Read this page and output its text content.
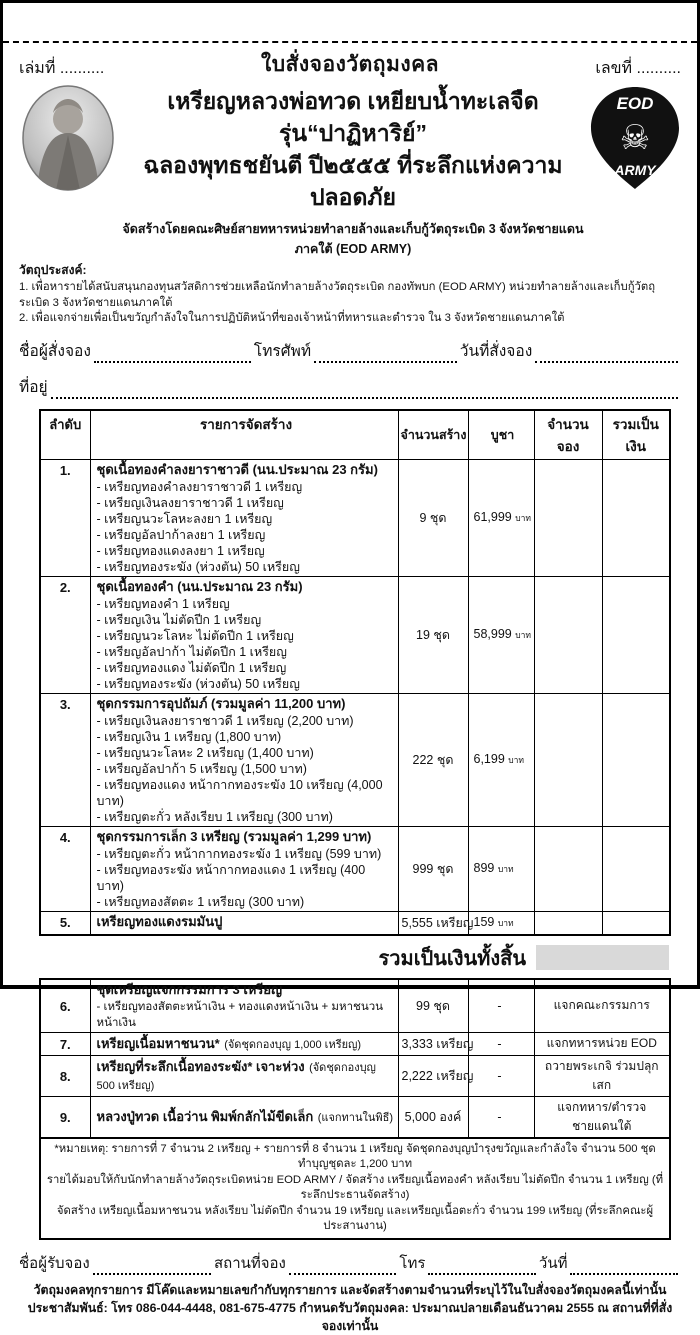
เล่มที่ ..........	ใบสั่งจองวัตถุมงคล	เลขที่ ..........
เหรียญหลวงพ่อทวด เหยียบน้ำทะเลจืด รุ่น“ปาฏิหาริย์”
ฉลองพุทธชยันตี ปี๒๕๕๕ ที่ระลึกแห่งความปลอดภัย
จัดสร้างโดยคณะศิษย์สายทหารหน่วยทำลายล้างและเก็บกู้วัตถุระเบิด 3 จังหวัดชายแดนภาคใต้ (EOD ARMY)
EOD
☠
ARMY
วัตถุประสงค์:
1. เพื่อหารายได้สนับสนุนกองทุนสวัสดิการช่วยเหลือนักทำลายล้างวัตถุระเบิด กองทัพบก (EOD ARMY) หน่วยทำลายล้างและเก็บกู้วัตถุระเบิด 3 จังหวัดชายแดนภาคใต้
2. เพื่อแจกจ่ายเพื่อเป็นขวัญกำลังใจในการปฏิบัติหน้าที่ของเจ้าหน้าที่ทหารและตำรวจ ใน 3 จังหวัดชายแดนภาคใต้
ชื่อผู้สั่งจอง	โทรศัพท์	วันที่สั่งจอง
ที่อยู่
ลำดับ	รายการจัดสร้าง	จำนวนสร้าง	บูชา	จำนวนจอง	รวมเป็นเงิน
1.	ชุดเนื้อทองคำลงยาราชาวดี (นน.ประมาณ 23 กรัม)
- เหรียญทองคำลงยาราชาวดี 1 เหรียญ
- เหรียญเงินลงยาราชาวดี 1 เหรียญ
- เหรียญนวะโลหะลงยา 1 เหรียญ
- เหรียญอัลปาก้าลงยา 1 เหรียญ
- เหรียญทองแดงลงยา 1 เหรียญ
- เหรียญทองระฆัง (ห่วงตัน) 50 เหรียญ
	9 ชุด	61,999 บาท		
2.	ชุดเนื้อทองคำ (นน.ประมาณ 23 กรัม)
- เหรียญทองคำ 1 เหรียญ
- เหรียญเงิน ไม่ตัดปีก 1 เหรียญ
- เหรียญนวะโลหะ ไม่ตัดปีก 1 เหรียญ
- เหรียญอัลปาก้า ไม่ตัดปีก 1 เหรียญ
- เหรียญทองแดง ไม่ตัดปีก 1 เหรียญ
- เหรียญทองระฆัง (ห่วงตัน) 50 เหรียญ
	19 ชุด	58,999 บาท		
3.	ชุดกรรมการอุปถัมภ์ (รวมมูลค่า 11,200 บาท)
- เหรียญเงินลงยาราชาวดี 1 เหรียญ (2,200 บาท)
- เหรียญเงิน 1 เหรียญ (1,800 บาท)
- เหรียญนวะโลหะ 2 เหรียญ (1,400 บาท)
- เหรียญอัลปาก้า 5 เหรียญ (1,500 บาท)
- เหรียญทองแดง หน้ากากทองระฆัง 10 เหรียญ (4,000 บาท)
- เหรียญตะกั่ว หลังเรียบ 1 เหรียญ (300 บาท)
	222 ชุด	6,199 บาท		
4.	ชุดกรรมการเล็ก 3 เหรียญ (รวมมูลค่า 1,299 บาท)
- เหรียญตะกั่ว หน้ากากทองระฆัง 1 เหรียญ (599 บาท)
- เหรียญทองระฆัง หน้ากากทองแดง 1 เหรียญ (400 บาท)
- เหรียญทองสัตตะ 1 เหรียญ (300 บาท)	999 ชุด	899 บาท		
5.	เหรียญทองแดงรมมันปู	5,555 เหรียญ	159 บาท		
รวมเป็นเงินทั้งสิ้น
6.	ชุดเหรียญแจกกรรมการ 3 เหรียญ
- เหรียญทองสัตตะหน้าเงิน + ทองแดงหน้าเงิน + มหาชนวนหน้าเงิน	99 ชุด	-	แจกคณะกรรมการ
7.	เหรียญเนื้อมหาชนวน* (จัดชุดกองบุญ 1,000 เหรียญ)	3,333 เหรียญ	-	แจกทหารหน่วย EOD
8.	เหรียญที่ระลึกเนื้อทองระฆัง* เจาะห่วง (จัดชุดกองบุญ 500 เหรียญ)	2,222 เหรียญ	-	ถวายพระเกจิ ร่วมปลุกเสก
9.	หลวงปู่ทวด เนื้อว่าน พิมพ์กลักไม้ขีดเล็ก (แจกทานในพิธี)	5,000 องค์	-	แจกทหาร/ตำรวจชายแดนใต้

*หมายเหตุ: รายการที่ 7 จำนวน 2 เหรียญ + รายการที่ 8 จำนวน 1 เหรียญ จัดชุดกองบุญบำรุงขวัญและกำลังใจ จำนวน 500 ชุด ทำบุญชุดละ 1,200 บาท
รายได้มอบให้กับนักทำลายล้างวัตถุระเบิดหน่วย EOD ARMY / จัดสร้าง เหรียญเนื้อทองคำ หลังเรียบ ไม่ตัดปีก จำนวน 1 เหรียญ (ที่ระลึกประธานจัดสร้าง)
จัดสร้าง เหรียญเนื้อมหาชนวน หลังเรียบ ไม่ตัดปีก จำนวน 19 เหรียญ และเหรียญเนื้อตะกั่ว จำนวน 199 เหรียญ (ที่ระลึกคณะผู้ประสานงาน)				
ชื่อผู้รับจอง	สถานที่จอง	โทร	วันที่
วัตถุมงคลทุกรายการ มีโค๊ดและหมายเลขกำกับทุกรายการ และจัดสร้างตามจำนวนที่ระบุไว้ในใบสั่งจองวัตถุมงคลนี้เท่านั้น
ประชาสัมพันธ์: โทร 086-044-4448, 081-675-4775 กำหนดรับวัตถุมงคล: ประมาณปลายเดือนธันวาคม 2555 ณ สถานที่ที่สั่งจองเท่านั้น
